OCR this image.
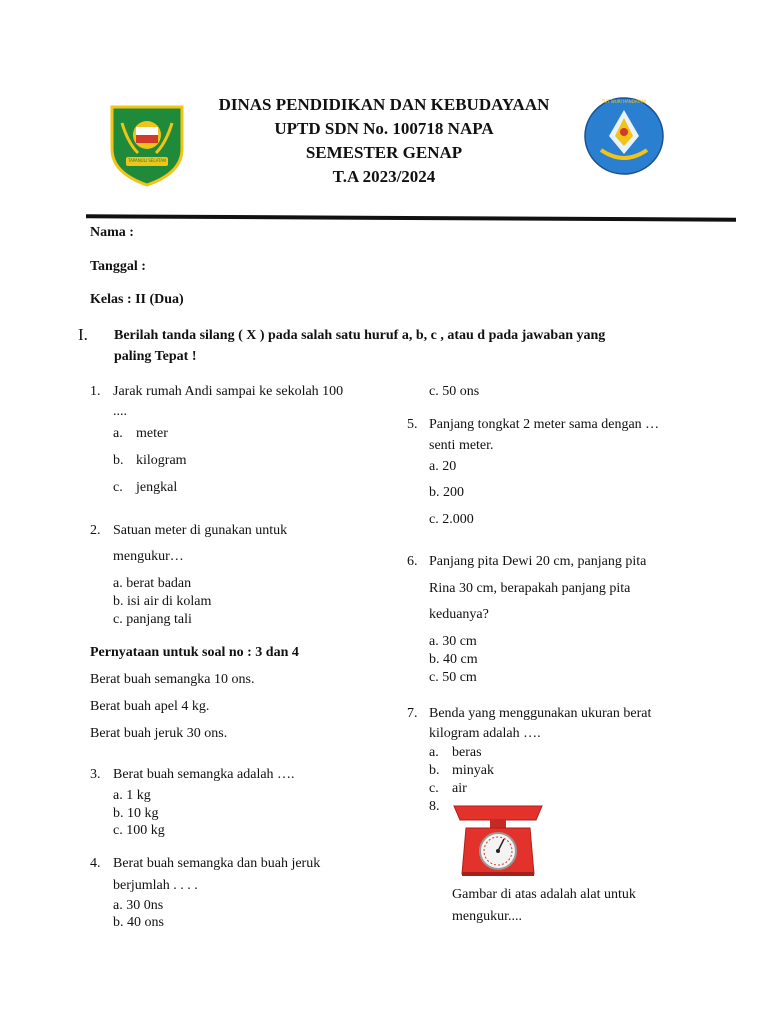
TAPANULI SELATAN
TUT WURI HANDAYANI
DINAS PENDIDIKAN DAN KEBUDAYAAN
UPTD SDN No. 100718 NAPA
SEMESTER GENAP
T.A 2023/2024
Nama :
Tanggal :
Kelas : II (Dua)
I. Berilah tanda silang ( X ) pada salah satu huruf a, b, c , atau d pada jawaban yang
paling Tepat !
1. Jarak rumah Andi sampai ke sekolah 100
....
a. meter
b. kilogram
c. jengkal
2. Satuan meter di gunakan untuk
mengukur…
a. berat badan
b. isi air di kolam
c. panjang tali
Pernyataan untuk soal no : 3 dan 4
Berat buah semangka 10 ons.
Berat buah apel 4 kg.
Berat buah jeruk 30 ons.
3. Berat buah semangka adalah ….
a. 1 kg
b. 10 kg
c. 100 kg
4. Berat buah semangka dan buah jeruk
berjumlah . . . .
a. 30 0ns
b. 40 ons
c. 50 ons
5. Panjang tongkat 2 meter sama dengan …
senti meter.
a. 20
b. 200
c. 2.000
6. Panjang pita Dewi 20 cm, panjang pita
Rina 30 cm, berapakah panjang pita
keduanya?
a. 30 cm
b. 40 cm
c. 50 cm
7. Benda yang menggunakan ukuran berat
kilogram adalah ….
a. beras
b. minyak
c. air
8.
Gambar di atas adalah alat untuk
mengukur....
